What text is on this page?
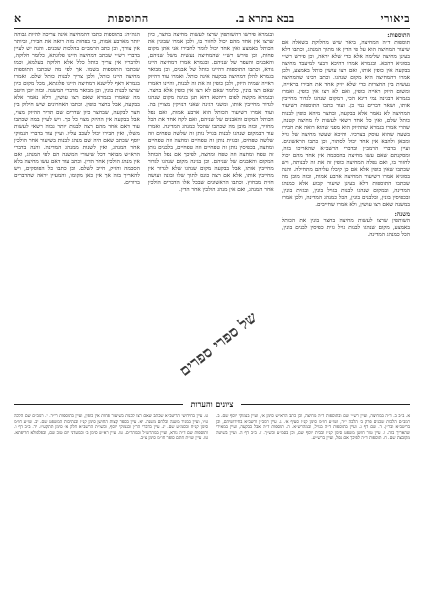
ביאורי
בבא בתרא ב.
התוספות
א
התוספות:
תוספות ד״ה המחיצה, ביאר שיש מחלוקת בשאלה אם שיעור המחיצה הוא על פי הדין או מתוך המנהג, וכתבו דלא בעינן מחיצה שלימה אלא כדי שלא יראה, וכן פירש רש״י בסוגיא דהכא. ובגמרא אמרו דהיכא דבעי למיעבד מחיצה בבקעה אין כופין אותו, ואם רצו עושין כותל באמצע, ולכן אמרו דהמחיצה היא מקום שנהגו. וכתב רבינו שהמחיצה נעשית בין החצרות כדי שלא יזיק אחד את חבירו בראייה, ומשום היזק ראייה כופין, ואם לא רצו אין כופין. ואמרו בגמרא דבגינה נמי דינא הכי, דמקום שנהגו לגדור מחייבין אותו, ושאר דברים נמי כן. ועוד כתבו התוספות דשיעור המחיצה לא נאמר אלא בבקעה, ובחצר מיהא כופין לבנות כותל שלם, ואין כל אחד רשאי לעשות לו מחיצה קטנה, שהרי אמרו בגמרא שההיזק הוא מפני שהוא רואה את חבירו בשעה שהוא עוסק בצרכיו. והיכא שעשו מחיצה של גויל ומכאן ולהבא אין אחד יכול לסתור, וכן כתבו הראשונים. ועיין בדברי הרמב״ן ובדברי הרשב״א שהאריכו בזה, ומסקנתם שאם עשו מחיצה בהסכמה אין אחד מהם יכול לחזור בו, ואם נפלה המחיצה כופין זה את זה לבנותה, ויש שכתבו שאין כופין אלא אם כן קיבלו עליהם מתחילה. והנה בסוגיא אמרו דשיעור המחיצה ארבע אמות, ובזה מובן מה שכתבו התוספות דלא בעינן שיעור קבוע אלא כמנהג המדינה, ובמקום שנהגו לבנות בגויל בונין, ובגזית בונין, ובכפיסין בונין, ובלבנים בונין, הכל כמנהג המדינה, ולכן אמרו במשנה שאם רצו עושין, ולא אמרו שחייבים.
משנה:
השותפין שרצו לעשות מחיצה בחצר בונין את הכותל באמצע, מקום שנהגו לבנות גויל גזית כפיסין לבנים בונין, הכל כמנהג המדינה.
ובגמרא פירשו דהשותפין שרצו לעשות מחיצה בחצר, כיון שרצו אין אחד מהם יכול לחזור בו, ולכן אמרו שבונין את הכותל באמצע ואין אחד יכול לומר לחבירו אני אתן מקום פחות, וכן פירש רש״י שהמחיצה נעשית משל שניהם, והאבנים והעפר של שניהם. ובגמרא אמרו דמחיצה היינו גודא, וכתבו התוספות דהיינו כותל של אבנים, וכן מבואר בגמרא להלן דמחיצה בבקעה אינה כותל. ואמרו עוד דהיזק ראייה שמיה היזק, ולכן כופין זה את זה לבנות, והיינו דאמרו שאם רצו בונין, כלומר שאם לא רצו אין כופין אלא בחצר. ובגמרא מקשה לפום ריהטא דהא תנן בגינה מקום שנהגו לגדור מחייבין אותו, ומשני דגינה שאני דנזיקין מצויין בה. ועוד אמרו דשיעור הכותל הוא ארבע אמות, ואם נפל הכותל המקום והאבנים של שניהם, ואם לקח אחד את הכל מחזיר, ובזה מובן מה שכתבו שהכל כמנהג המדינה. ואמרו עוד דבמקום שנהגו לבנות בגויל נותן זה שלשה טפחים וזה שלשה טפחים, ובגזית נותן זה טפחיים ומחצה וזה טפחיים ומחצה, בכפיסין נותן זה טפחיים וזה טפחיים, בלבנים נותן זה טפח ומחצה וזה טפח ומחצה, לפיכך אם נפל הכותל המקום והאבנים של שניהם. וכן בגינה מקום שנהגו לגדור מחייבין אותו, אבל בבקעה מקום שנהגו שלא לגדור אין מחייבין אותו, אלא אם רצה כונס לתוך שלו ובונה ועושה חזית מבחוץ. וכתבו הראשונים שבכל אלו הדברים הולכין אחר המנהג, ואם אין מנהג הולכין אחר הדין.
הגה״ה: בתוספות כתבו דהמחיצה אינה צריכה להיות גבוהה יותר מארבע אמות, כי בפחות מזה רואה את חבירו, וביותר אין צורך, וכן כתב הרמב״ם בהלכות שכנים. והנה יש לעיין בדברי רש״י שכתב דמחיצה היינו פלוגתא, כלומר חלוקה, ולדבריו אין צריך כותל כלל אלא חלוקה בעלמא, וכמו שכתבו התוספות בשמו. אך לפי מה שכתבו התוספות מחיצה היינו כותל, ולכן צריך לבנות כותל שלם. ואמרו בגמרא דאף ללישנא דמחיצה היינו פלוגתא, מכל מקום כיון שרצו לבנות בונין, וכן מבואר מדברי המשנה. ובזה יובן היטב מה שאמרו בגמרא שאם רצו עושין, דלא נאמר אלא בבקעה, אבל בחצר כופין. וכתבו האחרונים שיש חילוק בין חצר לבקעה, שבחצר כיון שדרים שם תדיר ההיזק מצוי, אבל בבקעה אין ההיזק מצוי כל כך. ויש לעיין במה שכתבו עוד דאם אחד מהם רצה לבנות יותר גבוה רשאי לעשות משלו, ואין חבירו יכול לעכב עליו. ועיין עוד בדברי הנמוקי יוסף שכתב שאם היה שם מנהג לבנות בשיעור אחר הולכין אחר המנהג, ואין לשנות ממנהג המדינה. והנה בדברי הרא״ש מבואר דכל שיעורי המשנה הם לפי המנהג, ואם אין מנהג הולכין אחר הדין. וכתב עוד דאם עשו מחיצה בלא הסכמה והזיק, חייב לשלם. וכן כתבו כל הפוסקים, ויש להאריך בזה אך אין כאן מקומו, והמעיין יראה שהדברים ברורים.
של ספרי ספרים
ציונים והערות
א. ב״ב ב. ד״ה במחיצה, ועיין רש״י שם ובתוספות ד״ה מחיצה, וכן כתב הרא״ש סימן א׳, ועיין בנמוקי יוסף שם. ב. רמב״ם הלכות שכנים פרק ב׳ הלכה י״ד, ושו״ע חו״מ סימן קנ״ז סעיף א׳. ג. עיין רמב״ן ורשב״א בחידושיהם, וכן בריטב״א ובר״ן. ד. שם דף ג. ועיין בתוספות ד״ה בגויל, ובמהרש״א. ה. תוספות ד״ה אבל בבקעה, ועיין במאירי שהאריך בזה. ו. עיין טור חושן משפט סימן קנ״ז ובבית יוסף שם, וכן בסמ״ע ובש״ך. ז. ב״ב דף ה. ועיין בשיטה מקובצת שם. ח. תוספות ד״ה לפיכך אם נפל, ועיין ברש״ש.
ט. עיין בחידושי הריטב״א שכתב שאם רצו לבנות בשיעור פחות אין כופין, ועיין בתוספות רי״ד. י. רמב״ם שם הלכה ט״ו, ועיין במגיד משנה ובלחם משנה. יא. עיין בספר קצות החושן סימן קנ״ז ובנתיבות המשפט שם. יב. שו״ע חו״מ סימן קנ״ח ובסמ״ע שם. יג. עיין בדברי הר״ן ובנמוקי יוסף, ובשו״ת הרשב״א חלק א׳ סימן תתקע״ז. יד. ב״ב דף ו. ותוספות שם ד״ה גודא, ועיין במהרש״ל ובמהר״ם. טו. עיין רא״ש סימן ב׳ ובמעדני יום טוב שם, ובפלפולא חריפתא. טז. עיין שו״ת חתם סופר חו״מ סימן צ״ב.
